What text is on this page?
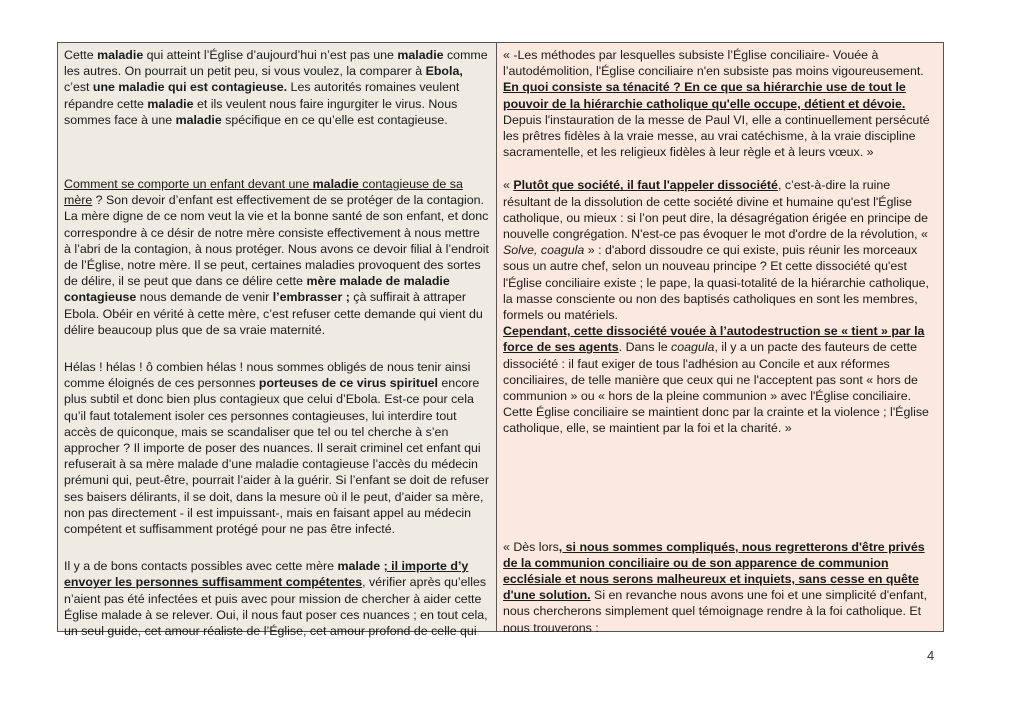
Cette maladie qui atteint l’Église d’aujourd’hui n’est pas une maladie comme les autres. On pourrait un petit peu, si vous voulez, la comparer à Ebola, c’est une maladie qui est contagieuse. Les autorités romaines veulent répandre cette maladie et ils veulent nous faire ingurgiter le virus. Nous sommes face à une maladie spécifique en ce qu’elle est contagieuse.

Comment se comporte un enfant devant une maladie contagieuse de sa mère ? Son devoir d’enfant est effectivement de se protéger de la contagion. La mère digne de ce nom veut la vie et la bonne santé de son enfant, et donc correspondre à ce désir de notre mère consiste effectivement à nous mettre à l’abri de la contagion, à nous protéger. Nous avons ce devoir filial à l’endroit de l’Église, notre mère. Il se peut, certaines maladies provoquent des sortes de délire, il se peut que dans ce délire cette mère malade de maladie contagieuse nous demande de venir l’embrasser ; çà suffirait à attraper Ebola. Obéir en vérité à cette mère, c’est refuser cette demande qui vient du délire beaucoup plus que de sa vraie maternité.

Hélas ! hélas ! ô combien hélas ! nous sommes obligés de nous tenir ainsi comme éloignés de ces personnes porteuses de ce virus spirituel encore plus subtil et donc bien plus contagieux que celui d’Ebola. Est-ce pour cela qu’il faut totalement isoler ces personnes contagieuses, lui interdire tout accès de quiconque, mais se scandaliser que tel ou tel cherche à s’en approcher ? Il importe de poser des nuances. Il serait criminel cet enfant qui refuserait à sa mère malade d’une maladie contagieuse l’accès du médecin prémuni qui, peut-être, pourrait l’aider à la guérir. Si l’enfant se doit de refuser ses baisers délirants, il se doit, dans la mesure où il le peut, d’aider sa mère, non pas directement - il est impuissant-, mais en faisant appel au médecin compétent et suffisamment protégé pour ne pas être infecté.

Il y a de bons contacts possibles avec cette mère malade ; il importe d’y envoyer les personnes suffisamment compétentes, vérifier après qu’elles n’aient pas été infectées et puis avec pour mission de chercher à aider cette Église malade à se relever. Oui, il nous faut poser ces nuances ; en tout cela, un seul guide, cet amour réaliste de l’Église, cet amour profond de celle qui

« -Les méthodes par lesquelles subsiste l’Église conciliaire- Vouée à l’autodémolition, l'Église conciliaire n'en subsiste pas moins vigoureusement. En quoi consiste sa ténacité ? En ce que sa hiérarchie use de tout le pouvoir de la hiérarchie catholique qu'elle occupe, détient et dévoie. Depuis l'instauration de la messe de Paul VI, elle a continuellement persécuté les prêtres fidèles à la vraie messe, au vrai catéchisme, à la vraie discipline sacramentelle, et les religieux fidèles à leur règle et à leurs vœux. »

« Plutôt que société, il faut l'appeler dissociété, c’est-à-dire la ruine résultant de la dissolution de cette société divine et humaine qu'est l'Église catholique, ou mieux : si l’on peut dire, la désagrégation érigée en principe de nouvelle congrégation. N'est-ce pas évoquer le mot d'ordre de la révolution, « Solve, coagula » : d'abord dissoudre ce qui existe, puis réunir les morceaux sous un autre chef, selon un nouveau principe ? Et cette dissociété qu'est l'Église conciliaire existe ; le pape, la quasi-totalité de la hiérarchie catholique, la masse consciente ou non des baptisés catholiques en sont les membres, formels ou matériels.

Cependant, cette dissociété vouée à l’autodestruction se « tient » par la force de ses agents. Dans le coagula, il y a un pacte des fauteurs de cette dissociété : il faut exiger de tous l'adhésion au Concile et aux réformes conciliaires, de telle manière que ceux qui ne l'acceptent pas sont « hors de communion » ou « hors de la pleine communion » avec l'Église conciliaire. Cette Église conciliaire se maintient donc par la crainte et la violence ; l'Église catholique, elle, se maintient par la foi et la charité. »

« Dès lors, si nous sommes compliqués, nous regretterons d'être privés de la communion conciliaire ou de son apparence de communion ecclésiale et nous serons malheureux et inquiets, sans cesse en quête d'une solution. Si en revanche nous avons une foi et une simplicité d'enfant, nous chercherons simplement quel témoignage rendre à la foi catholique. Et nous trouverons :

4
